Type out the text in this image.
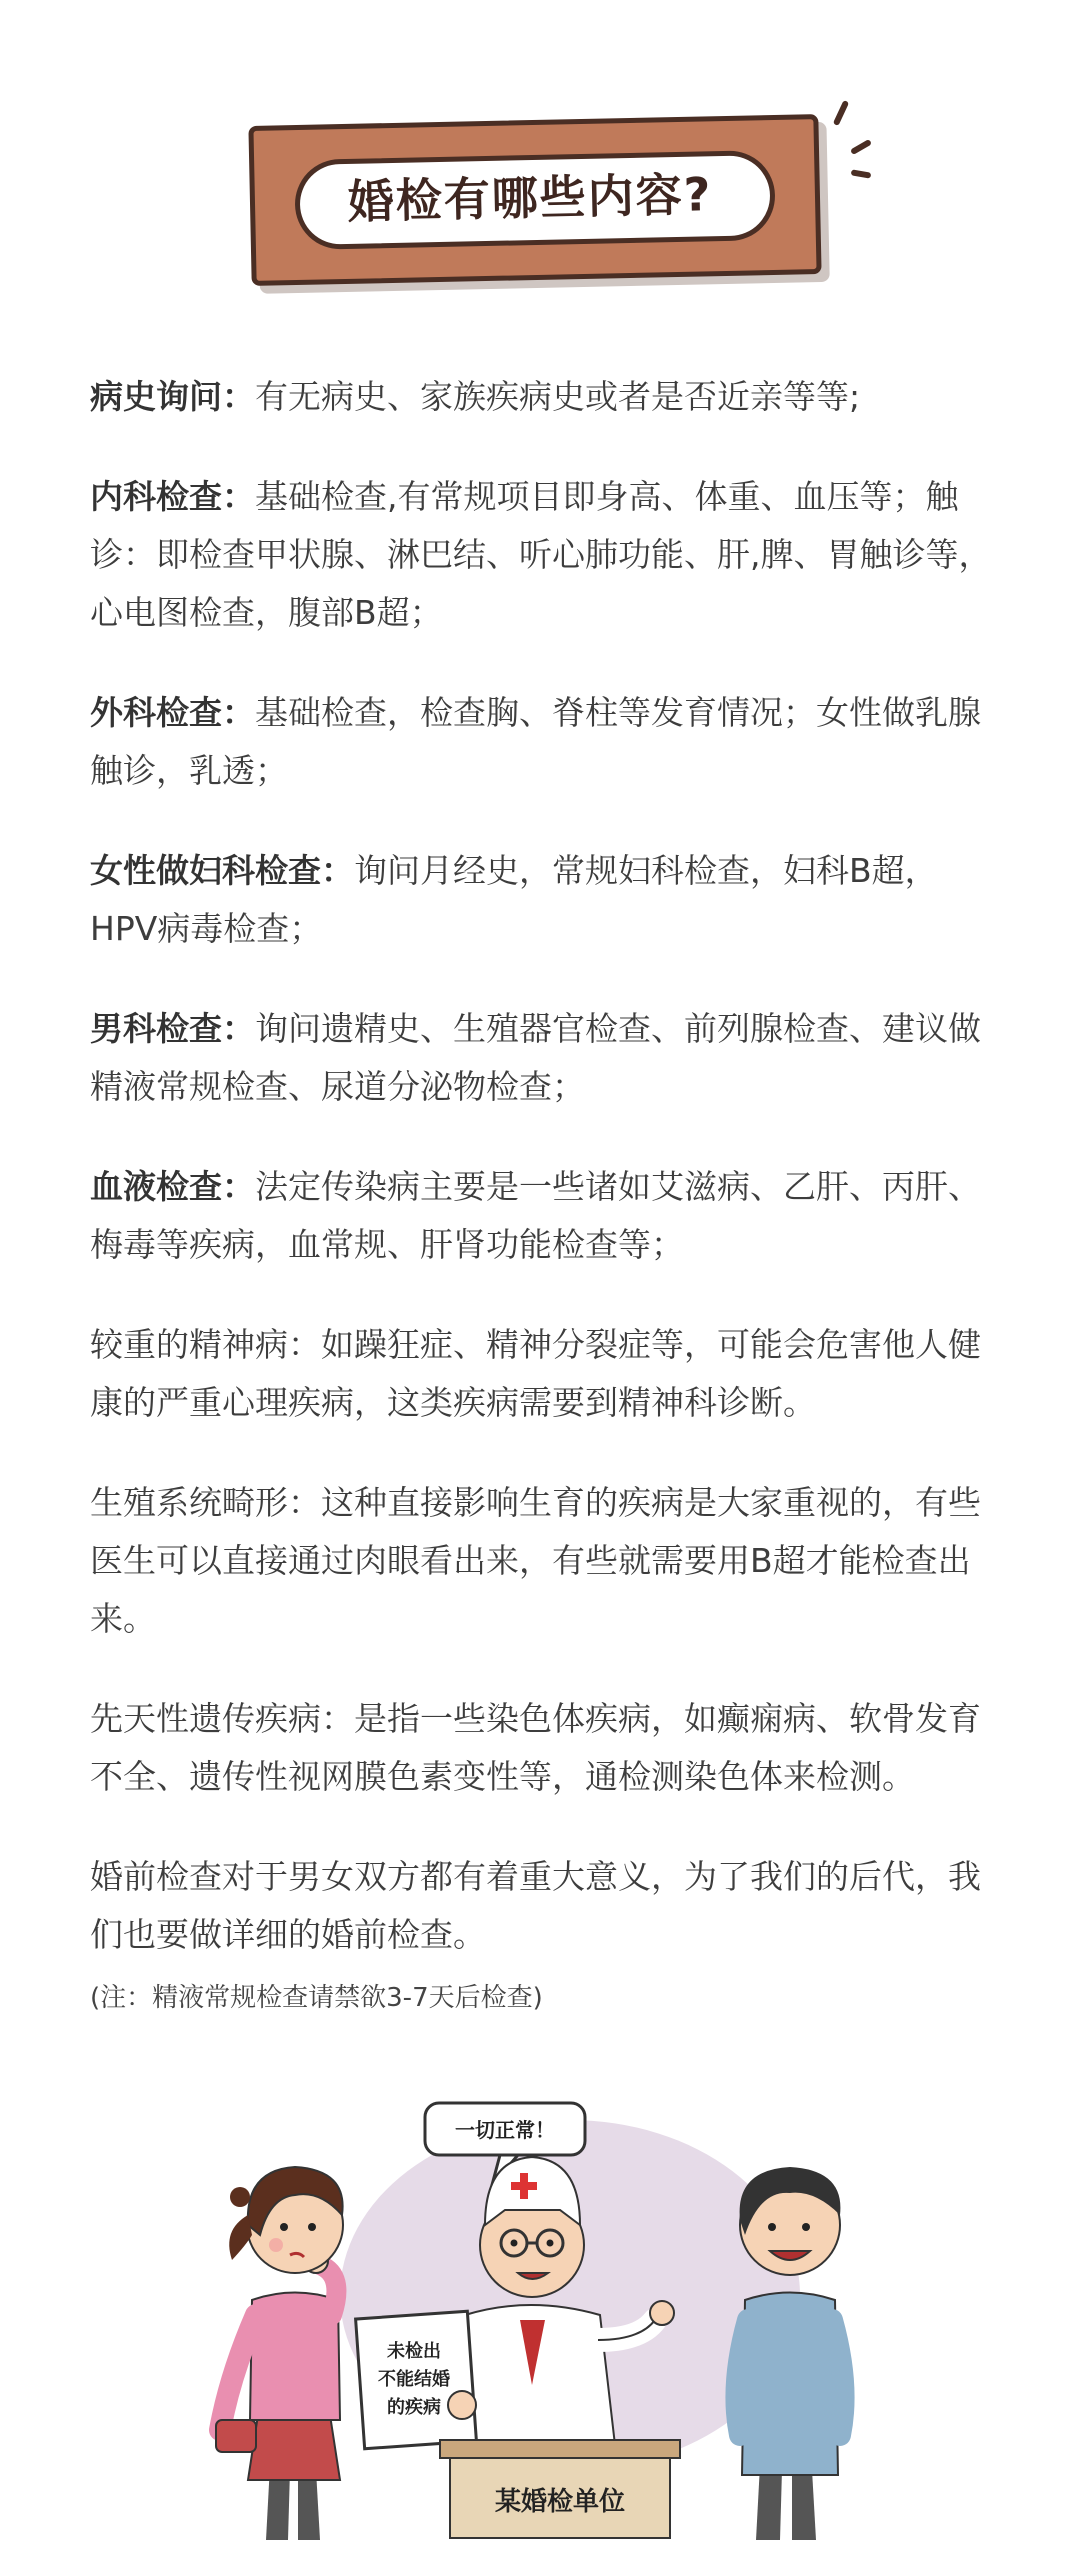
婚检有哪些内容?

病史询问：有无病史、家族疾病史或者是否近亲等等;

内科检查：基础检查,有常规项目即身高、体重、血压等；触诊：即检查甲状腺、淋巴结、听心肺功能、肝,脾、胃触诊等，心电图检查，腹部B超；

外科检查：基础检查，检查胸、脊柱等发育情况；女性做乳腺触诊，乳透；

女性做妇科检查：询问月经史，常规妇科检查，妇科B超，HPV病毒检查；

男科检查：询问遗精史、生殖器官检查、前列腺检查、建议做精液常规检查、尿道分泌物检查；

血液检查：法定传染病主要是一些诸如艾滋病、乙肝、丙肝、梅毒等疾病，血常规、肝肾功能检查等；

较重的精神病：如躁狂症、精神分裂症等，可能会危害他人健康的严重心理疾病，这类疾病需要到精神科诊断。

生殖系统畸形：这种直接影响生育的疾病是大家重视的，有些医生可以直接通过肉眼看出来，有些就需要用B超才能检查出来。

先天性遗传疾病：是指一些染色体疾病，如癫痫病、软骨发育不全、遗传性视网膜色素变性等，通检测染色体来检测。

婚前检查对于男女双方都有着重大意义，为了我们的后代，我们也要做详细的婚前检查。

(注：精液常规检查请禁欲3-7天后检查)
一切正常！
未检出
不能结婚
的疾病
某婚检单位
